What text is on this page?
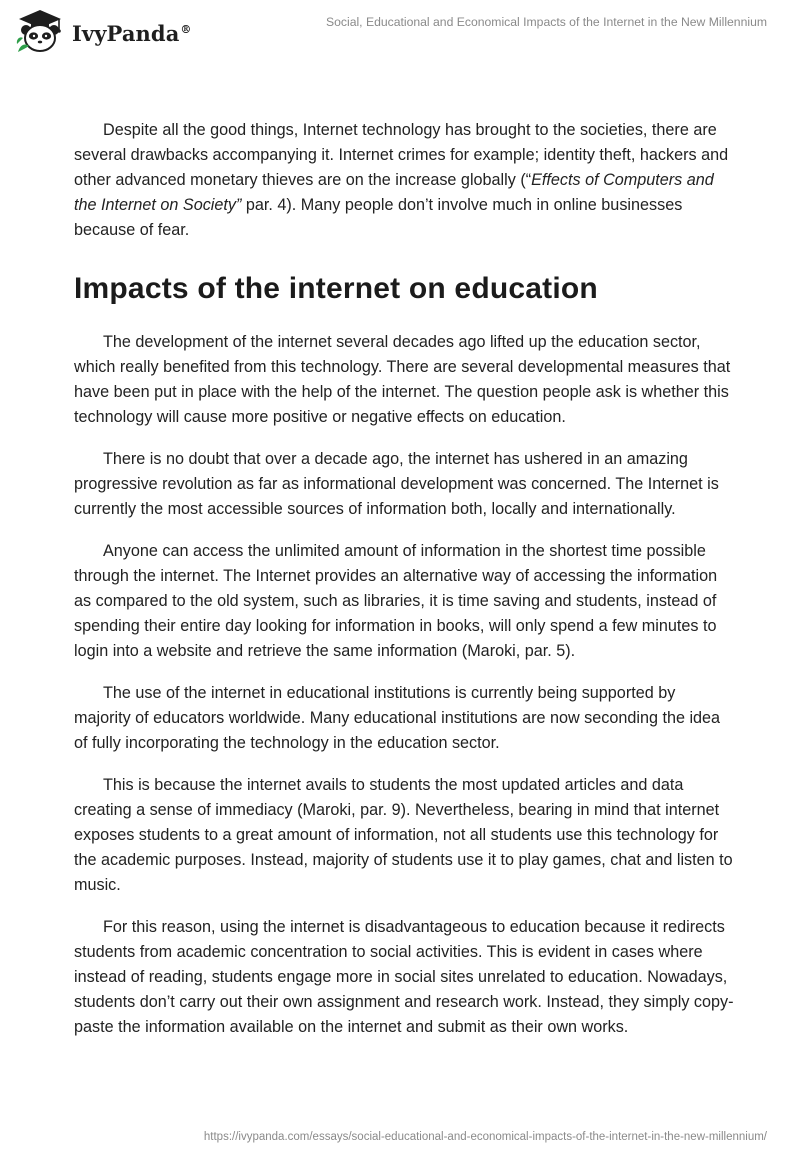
IvyPanda®	Social, Educational and Economical Impacts of the Internet in the New Millennium

Despite all the good things, Internet technology has brought to the societies, there are several drawbacks accompanying it. Internet crimes for example; identity theft, hackers and other advanced monetary thieves are on the increase globally (“Effects of Computers and the Internet on Society” par. 4). Many people don’t involve much in online businesses because of fear.

Impacts of the internet on education

The development of the internet several decades ago lifted up the education sector, which really benefited from this technology. There are several developmental measures that have been put in place with the help of the internet. The question people ask is whether this technology will cause more positive or negative effects on education.

There is no doubt that over a decade ago, the internet has ushered in an amazing progressive revolution as far as informational development was concerned. The Internet is currently the most accessible sources of information both, locally and internationally.

Anyone can access the unlimited amount of information in the shortest time possible through the internet. The Internet provides an alternative way of accessing the information as compared to the old system, such as libraries, it is time saving and students, instead of spending their entire day looking for information in books, will only spend a few minutes to login into a website and retrieve the same information (Maroki, par. 5).

The use of the internet in educational institutions is currently being supported by majority of educators worldwide. Many educational institutions are now seconding the idea of fully incorporating the technology in the education sector.

This is because the internet avails to students the most updated articles and data creating a sense of immediacy (Maroki, par. 9). Nevertheless, bearing in mind that internet exposes students to a great amount of information, not all students use this technology for the academic purposes. Instead, majority of students use it to play games, chat and listen to music.

For this reason, using the internet is disadvantageous to education because it redirects students from academic concentration to social activities. This is evident in cases where instead of reading, students engage more in social sites unrelated to education. Nowadays, students don’t carry out their own assignment and research work. Instead, they simply copy-paste the information available on the internet and submit as their own works.

https://ivypanda.com/essays/social-educational-and-economical-impacts-of-the-internet-in-the-new-millennium/
